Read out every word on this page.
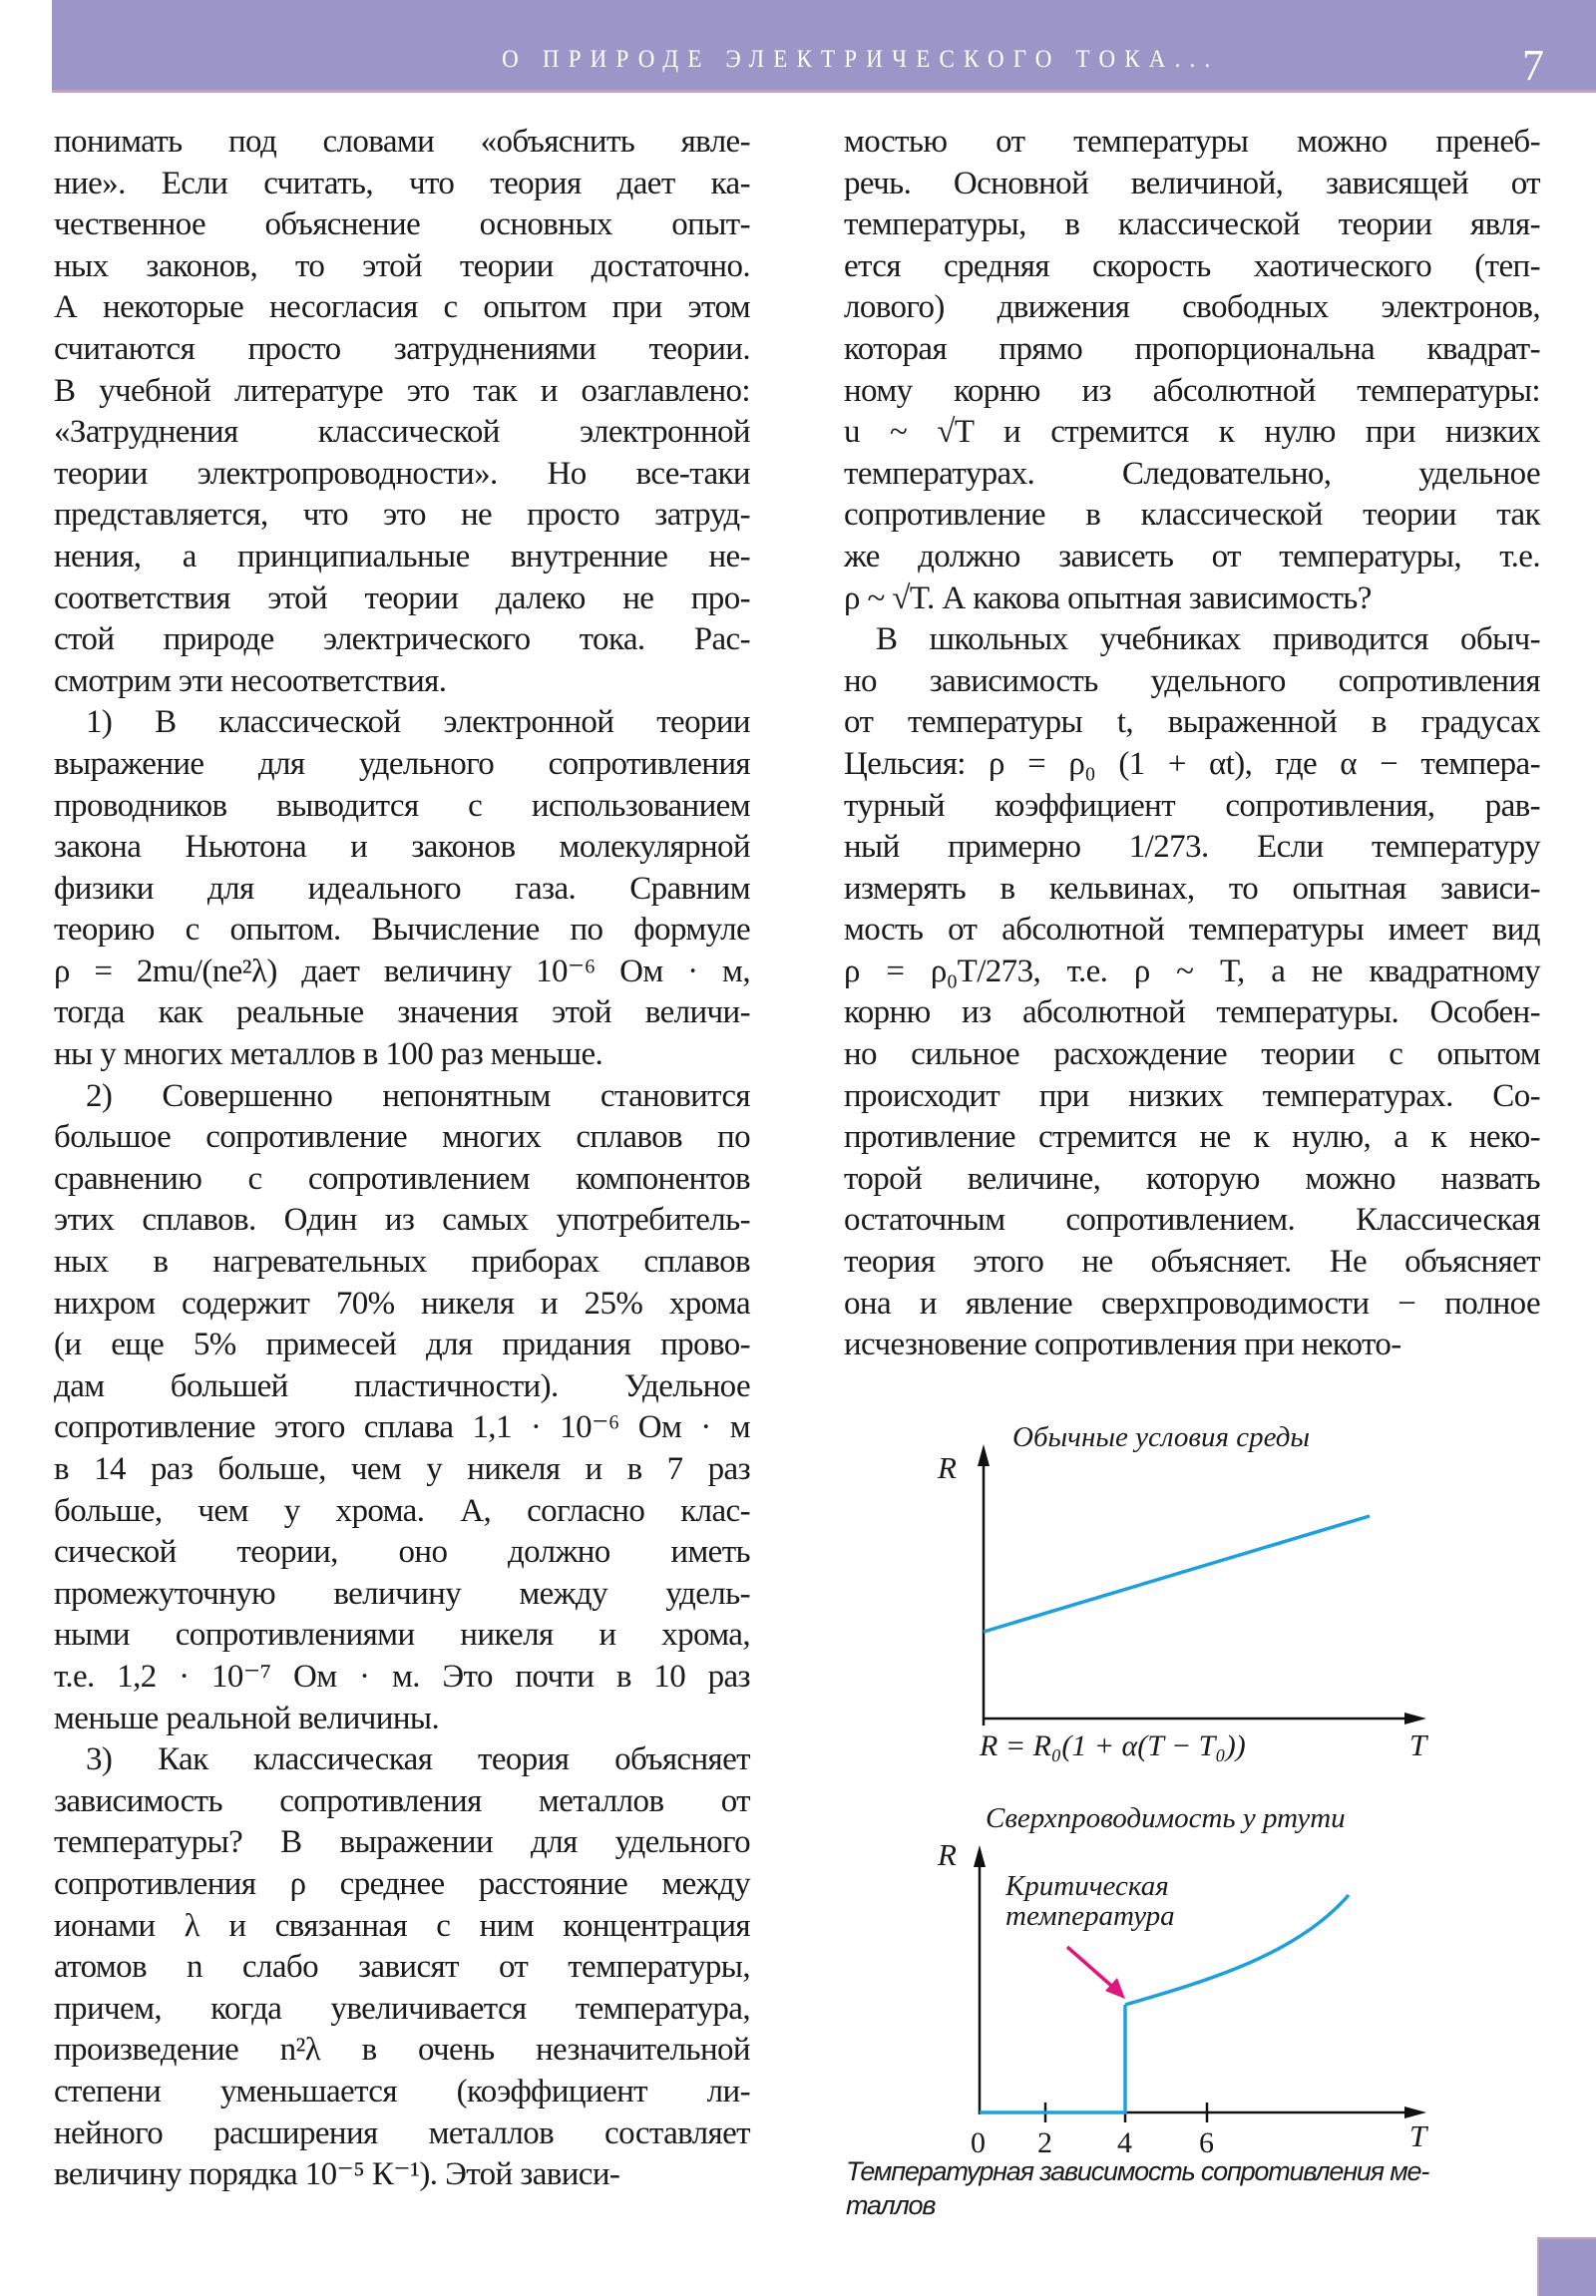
О ПРИРОДЕ ЭЛЕКТРИЧЕСКОГО ТОКА...	7
понимать под словами «объяснить явле-
ние». Если считать, что теория дает ка-
чественное объяснение основных опыт-
ных законов, то этой теории достаточно.
А некоторые несогласия с опытом при этом
считаются просто затруднениями теории.
В учебной литературе это так и озаглавлено:
«Затруднения классической электронной
теории электропроводности». Но все-таки
представляется, что это не просто затруд-
нения, а принципиальные внутренние не-
соответствия этой теории далеко не про-
стой природе электрического тока. Рас-
смотрим эти несоответствия.
1) В классической электронной теории
выражение для удельного сопротивления
проводников выводится с использованием
закона Ньютона и законов молекулярной
физики для идеального газа. Сравним
теорию с опытом. Вычисление по формуле
ρ = 2mu/(ne²λ) дает величину 10⁻⁶ Ом · м,
тогда как реальные значения этой величи-
ны у многих металлов в 100 раз меньше.
2) Совершенно непонятным становится
большое сопротивление многих сплавов по
сравнению с сопротивлением компонентов
этих сплавов. Один из самых употребитель-
ных в нагревательных приборах сплавов
нихром содержит 70% никеля и 25% хрома
(и еще 5% примесей для придания прово-
дам большей пластичности). Удельное
сопротивление этого сплава 1,1 · 10⁻⁶ Ом · м
в 14 раз больше, чем у никеля и в 7 раз
больше, чем у хрома. А, согласно клас-
сической теории, оно должно иметь
промежуточную величину между удель-
ными сопротивлениями никеля и хрома,
т.е. 1,2 · 10⁻⁷ Ом · м. Это почти в 10 раз
меньше реальной величины.
3) Как классическая теория объясняет
зависимость сопротивления металлов от
температуры? В выражении для удельного
сопротивления ρ среднее расстояние между
ионами λ и связанная с ним концентрация
атомов n слабо зависят от температуры,
причем, когда увеличивается температура,
произведение n²λ в очень незначительной
степени уменьшается (коэффициент ли-
нейного расширения металлов составляет
величину порядка 10⁻⁵ К⁻¹). Этой зависи-
мостью от температуры можно пренеб-
речь. Основной величиной, зависящей от
температуры, в классической теории явля-
ется средняя скорость хаотического (теп-
лового) движения свободных электронов,
которая прямо пропорциональна квадрат-
ному корню из абсолютной температуры:
u ~ √T и стремится к нулю при низких
температурах. Следовательно, удельное
сопротивление в классической теории так
же должно зависеть от температуры, т.е.
ρ ~ √T. А какова опытная зависимость?
В школьных учебниках приводится обыч-
но зависимость удельного сопротивления
от температуры t, выраженной в градусах
Цельсия: ρ = ρ₀ (1 + αt), где α − темпера-
турный коэффициент сопротивления, рав-
ный примерно 1/273. Если температуру
измерять в кельвинах, то опытная зависи-
мость от абсолютной температуры имеет вид
ρ = ρ₀T/273, т.е. ρ ~ T, а не квадратному
корню из абсолютной температуры. Особен-
но сильное расхождение теории с опытом
происходит при низких температурах. Со-
противление стремится не к нулю, а к неко-
торой величине, которую можно назвать
остаточным сопротивлением. Классическая
теория этого не объясняет. Не объясняет
она и явление сверхпроводимости − полное
исчезновение сопротивления при некото-
Обычные условия среды
R
R = R₀(1 + α(T − T₀))	T
Сверхпроводимость у ртути
R
Критическая
температура
0 2 4 6	T
Температурная зависимость сопротивления ме-
таллов
